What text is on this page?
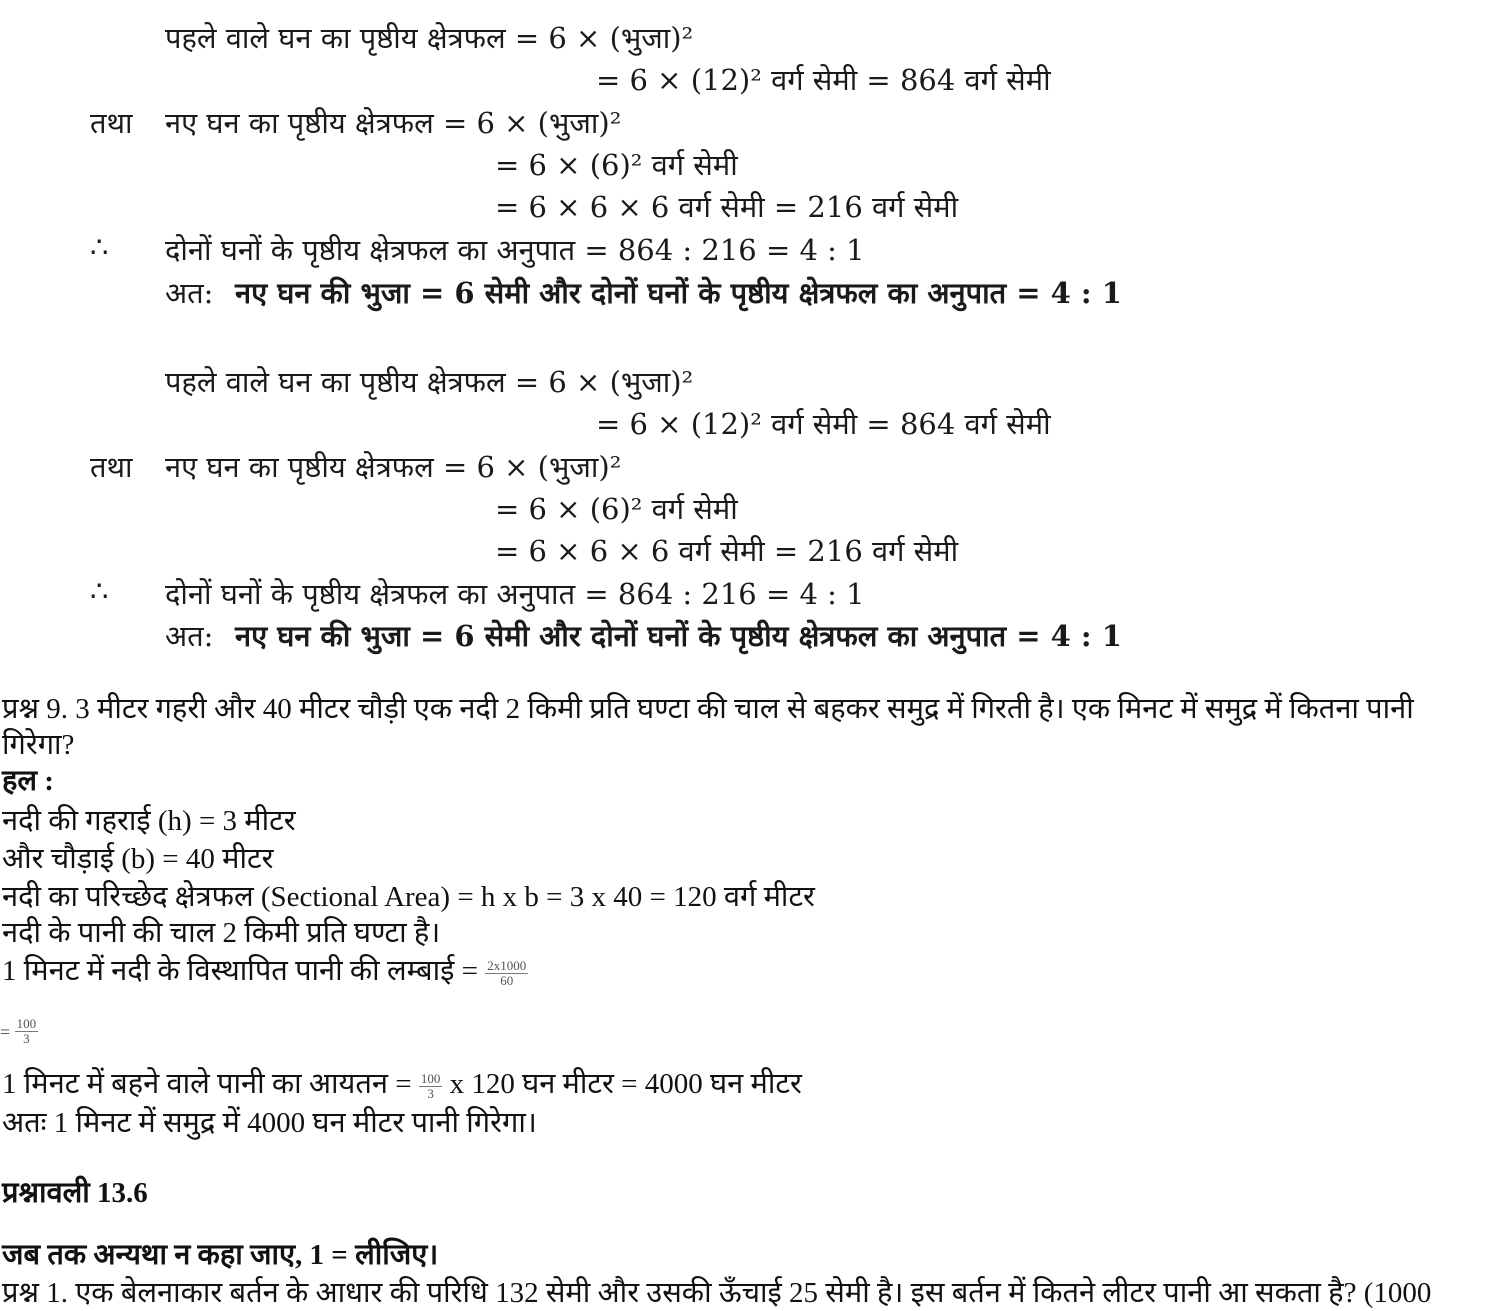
पहले वाले घन का पृष्ठीय क्षेत्रफल = 6 × (भुजा)²
= 6 × (12)² वर्ग सेमी = 864 वर्ग सेमी
तथा नए घन का पृष्ठीय क्षेत्रफल = 6 × (भुजा)²
= 6 × (6)² वर्ग सेमी
= 6 × 6 × 6 वर्ग सेमी = 216 वर्ग सेमी
∴ दोनों घनों के पृष्ठीय क्षेत्रफल का अनुपात = 864 : 216 = 4 : 1
अत: नए घन की भुजा = 6 सेमी और दोनों घनों के पृष्ठीय क्षेत्रफल का अनुपात = 4 : 1
पहले वाले घन का पृष्ठीय क्षेत्रफल = 6 × (भुजा)²
= 6 × (12)² वर्ग सेमी = 864 वर्ग सेमी
तथा नए घन का पृष्ठीय क्षेत्रफल = 6 × (भुजा)²
= 6 × (6)² वर्ग सेमी
= 6 × 6 × 6 वर्ग सेमी = 216 वर्ग सेमी
∴ दोनों घनों के पृष्ठीय क्षेत्रफल का अनुपात = 864 : 216 = 4 : 1
अत: नए घन की भुजा = 6 सेमी और दोनों घनों के पृष्ठीय क्षेत्रफल का अनुपात = 4 : 1
प्रश्न 9. 3 मीटर गहरी और 40 मीटर चौड़ी एक नदी 2 किमी प्रति घण्टा की चाल से बहकर समुद्र में गिरती है। एक मिनट में समुद्र में कितना पानी
गिरेगा?
हल :
नदी की गहराई (h) = 3 मीटर
और चौड़ाई (b) = 40 मीटर
नदी का परिच्छेद क्षेत्रफल (Sectional Area) = h x b = 3 x 40 = 120 वर्ग मीटर
नदी के पानी की चाल 2 किमी प्रति घण्टा है।
1 मिनट में नदी के विस्थापित पानी की लम्बाई = $\frac{2x1000}{60}$
= $\frac{100}{3}$
1 मिनट में बहने वाले पानी का आयतन = $\frac{100}{3}$ x 120 घन मीटर = 4000 घन मीटर
अतः 1 मिनट में समुद्र में 4000 घन मीटर पानी गिरेगा।
प्रश्नावली 13.6
जब तक अन्यथा न कहा जाए, 1 = लीजिए।
प्रश्न 1. एक बेलनाकार बर्तन के आधार की परिधि 132 सेमी और उसकी ऊँचाई 25 सेमी है। इस बर्तन में कितने लीटर पानी आ सकता है? (1000
